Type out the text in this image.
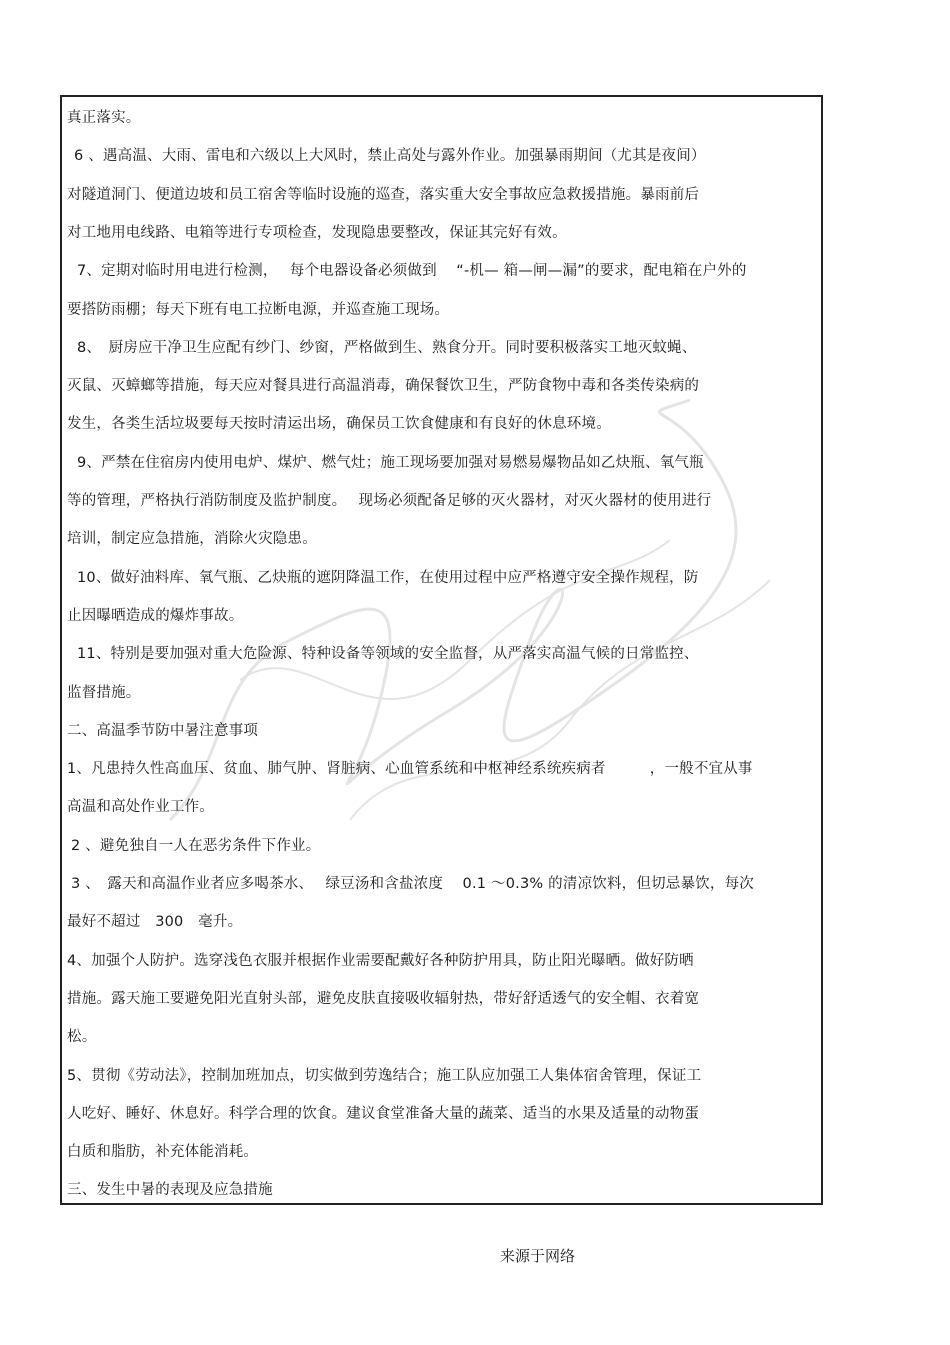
真正落实。
6 、遇高温、大雨、雷电和六级以上大风时，禁止高处与露外作业。加强暴雨期间（尤其是夜间）
对隧道洞门、便道边坡和员工宿舍等临时设施的巡查，落实重大安全事故应急救援措施。暴雨前后
对工地用电线路、电箱等进行专项检查，发现隐患要整改，保证其完好有效。
7、定期对临时用电进行检测，　 每个电器设备必须做到　 “-机— 箱—闸—漏”的要求，配电箱在户外的
要搭防雨棚；每天下班有电工拉断电源，并巡查施工现场。
8、　厨房应干净卫生应配有纱门、纱窗，严格做到生、熟食分开。同时要积极落实工地灭蚊蝇、
灭鼠、灭蟑螂等措施，每天应对餐具进行高温消毒，确保餐饮卫生，严防食物中毒和各类传染病的
发生，各类生活垃圾要每天按时清运出场，确保员工饮食健康和有良好的休息环境。
9、严禁在住宿房内使用电炉、煤炉、燃气灶；施工现场要加强对易燃易爆物品如乙炔瓶、氧气瓶
等的管理，严格执行消防制度及监护制度。　 现场必须配备足够的灭火器材，对灭火器材的使用进行
培训，制定应急措施，消除火灾隐患。
10、做好油料库、氧气瓶、乙炔瓶的遮阴降温工作，在使用过程中应严格遵守安全操作规程，防
止因曝晒造成的爆炸事故。
11、特别是要加强对重大危险源、特种设备等领域的安全监督，从严落实高温气候的日常监控、
监督措施。
二、高温季节防中暑注意事项
1、凡患持久性高血压、贫血、肺气肿、肾脏病、心血管系统和中枢神经系统疾病者　　　，一般不宜从事
高温和高处作业工作。
2 、避免独自一人在恶劣条件下作业。
3 、　露天和高温作业者应多喝茶水、　 绿豆汤和含盐浓度　 0.1 ～0.3% 的清凉饮料，但切忌暴饮，每次
最好不超过　300　毫升。
4、加强个人防护。选穿浅色衣服并根据作业需要配戴好各种防护用具，防止阳光曝晒。做好防晒
措施。露天施工要避免阳光直射头部，避免皮肤直接吸收辐射热，带好舒适透气的安全帽、衣着宽
松。
5、贯彻《劳动法》，控制加班加点，切实做到劳逸结合；施工队应加强工人集体宿舍管理，保证工
人吃好、睡好、休息好。科学合理的饮食。建议食堂准备大量的蔬菜、适当的水果及适量的动物蛋
白质和脂肪，补充体能消耗。
三、发生中暑的表现及应急措施
来源于网络
